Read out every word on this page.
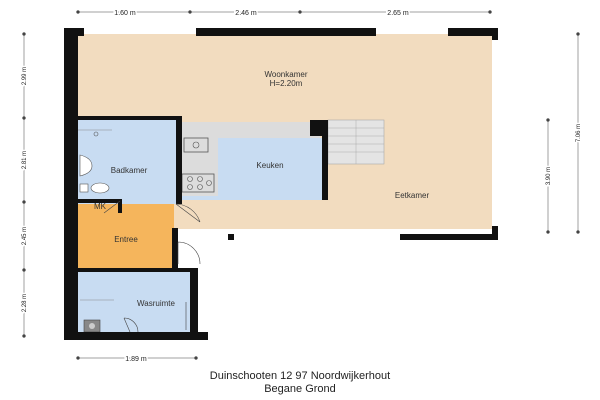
Woonkamer
H=2.20m
Keuken
Badkamer
Eetkamer
MK
Entree
Wasruimte
1.60 m	2.46 m	2.65 m
1.89 m
2.99 m
2.81 m
2.45 m
2.28 m
3.90 m
7.06 m
Duinschooten 12 97 Noordwijkerhout
Begane Grond
